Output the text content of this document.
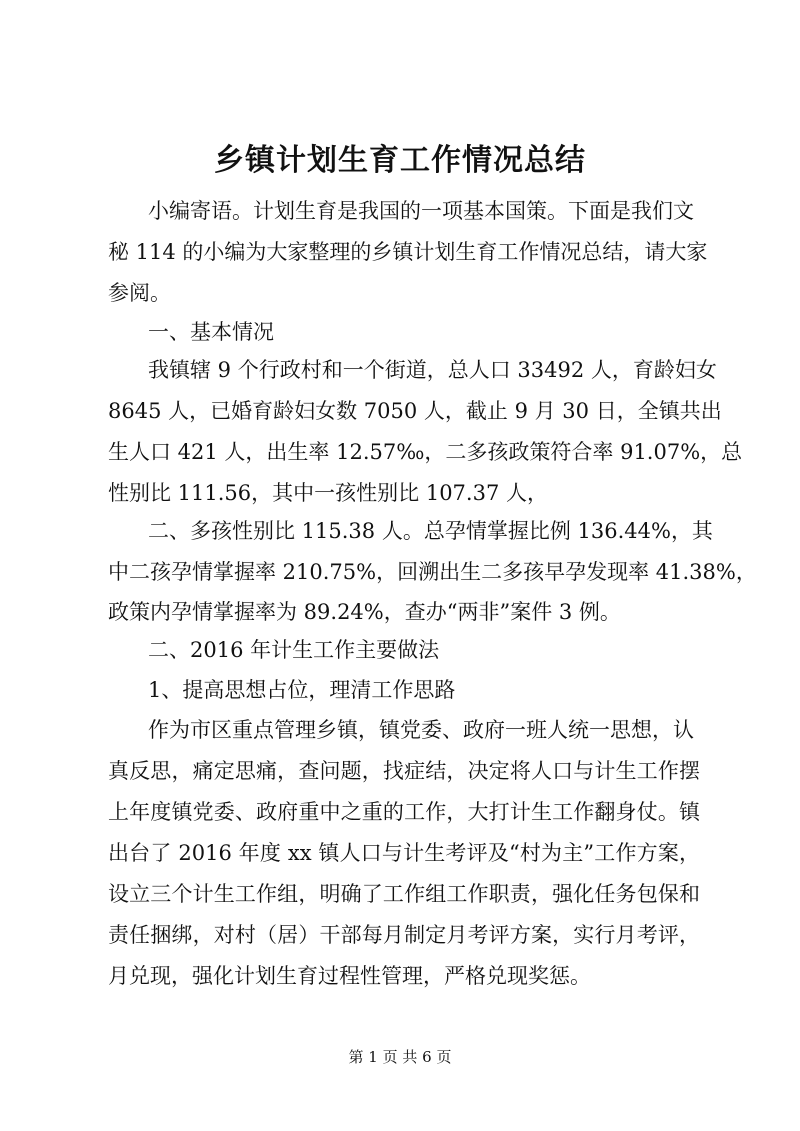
乡镇计划生育工作情况总结
小编寄语。计划生育是我国的一项基本国策。下面是我们文
秘 114 的小编为大家整理的乡镇计划生育工作情况总结，请大家
参阅。
一、基本情况
我镇辖 9 个行政村和一个街道，总人口 33492 人，育龄妇女
8645 人，已婚育龄妇女数 7050 人，截止 9 月 30 日，全镇共出
生人口 421 人，出生率 12.57‰，二多孩政策符合率 91.07%，总
性别比 111.56，其中一孩性别比 107.37 人，
二、多孩性别比 115.38 人。总孕情掌握比例 136.44%，其
中二孩孕情掌握率 210.75%，回溯出生二多孩早孕发现率 41.38%，
政策内孕情掌握率为 89.24%，查办“两非”案件 3 例。
二、2016 年计生工作主要做法
1、提高思想占位，理清工作思路
作为市区重点管理乡镇，镇党委、政府一班人统一思想，认
真反思，痛定思痛，查问题，找症结，决定将人口与计生工作摆
上年度镇党委、政府重中之重的工作，大打计生工作翻身仗。镇
出台了 2016 年度 xx 镇人口与计生考评及“村为主”工作方案，
设立三个计生工作组，明确了工作组工作职责，强化任务包保和
责任捆绑，对村（居）干部每月制定月考评方案，实行月考评，
月兑现，强化计划生育过程性管理，严格兑现奖惩。
第 1 页 共 6 页
